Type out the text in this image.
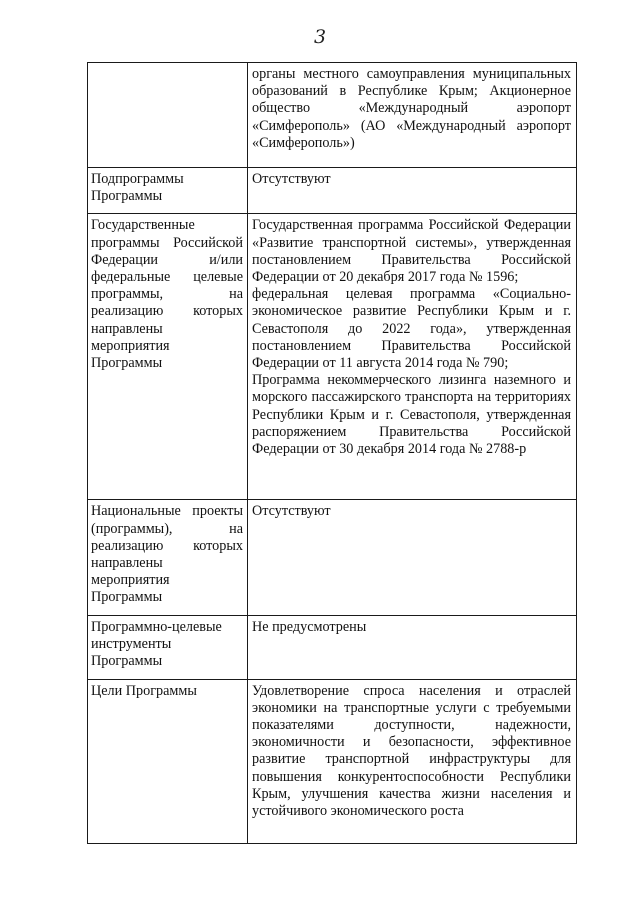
3

	органы местного самоуправления муниципальных образований в Республике Крым; Акционерное общество «Международный аэропорт «Симферополь» (АО «Международный аэропорт «Симферополь»)

Подпрограммы Программы	Отсутствуют

Государственные программы Российской Федерации и/или федеральные целевые программы, на реализацию которых направлены мероприятия Программы	Государственная программа Российской Федерации «Развитие транспортной системы», утвержденная постановлением Правительства Российской Федерации от 20 декабря 2017 года № 1596;
федеральная целевая программа «Социально-экономическое развитие Республики Крым и г. Севастополя до 2022 года», утвержденная постановлением Правительства Российской Федерации от 11 августа 2014 года № 790;
Программа некоммерческого лизинга наземного и морского пассажирского транспорта на территориях Республики Крым и г. Севастополя, утвержденная распоряжением Правительства Российской Федерации от 30 декабря 2014 года № 2788-р

Национальные проекты (программы), на реализацию которых направлены мероприятия Программы	Отсутствуют

Программно-целевые инструменты Программы	Не предусмотрены

Цели Программы	Удовлетворение спроса населения и отраслей экономики на транспортные услуги с требуемыми показателями доступности, надежности, экономичности и безопасности, эффективное развитие транспортной инфраструктуры для повышения конкурентоспособности Республики Крым, улучшения качества жизни населения и устойчивого экономического роста
